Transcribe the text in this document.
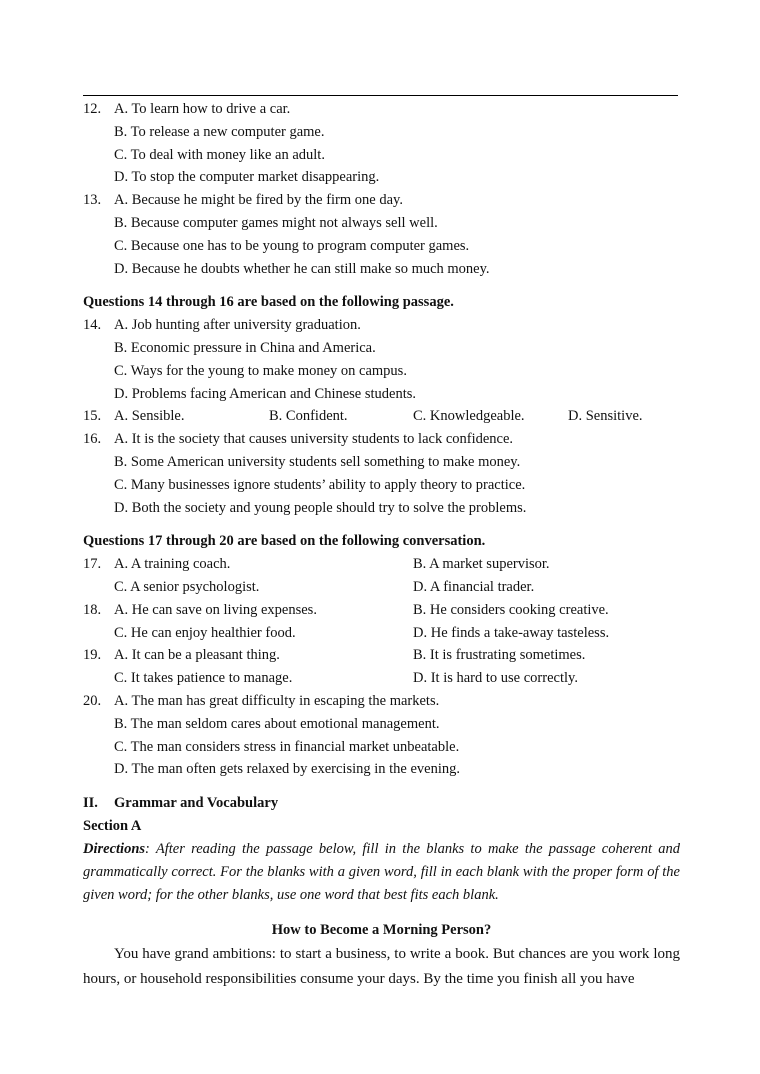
12. A. To learn how to drive a car.
B. To release a new computer game.
C. To deal with money like an adult.
D. To stop the computer market disappearing.
13. A. Because he might be fired by the firm one day.
B. Because computer games might not always sell well.
C. Because one has to be young to program computer games.
D. Because he doubts whether he can still make so much money.
Questions 14 through 16 are based on the following passage.
14. A. Job hunting after university graduation.
B. Economic pressure in China and America.
C. Ways for the young to make money on campus.
D. Problems facing American and Chinese students.
15. A. Sensible.	B. Confident.	C. Knowledgeable.	D. Sensitive.
16. A. It is the society that causes university students to lack confidence.
B. Some American university students sell something to make money.
C. Many businesses ignore students’ ability to apply theory to practice.
D. Both the society and young people should try to solve the problems.
Questions 17 through 20 are based on the following conversation.
17. A. A training coach.	B. A market supervisor.
C. A senior psychologist.	D. A financial trader.
18. A. He can save on living expenses.	B. He considers cooking creative.
C. He can enjoy healthier food.	D. He finds a take-away tasteless.
19. A. It can be a pleasant thing.	B. It is frustrating sometimes.
C. It takes patience to manage.	D. It is hard to use correctly.
20. A. The man has great difficulty in escaping the markets.
B. The man seldom cares about emotional management.
C. The man considers stress in financial market unbeatable.
D. The man often gets relaxed by exercising in the evening.
II. Grammar and Vocabulary
Section A
Directions: After reading the passage below, fill in the blanks to make the passage coherent and grammatically correct. For the blanks with a given word, fill in each blank with the proper form of the given word; for the other blanks, use one word that best fits each blank.
How to Become a Morning Person?
You have grand ambitions: to start a business, to write a book. But chances are you work long hours, or household responsibilities consume your days. By the time you finish all you have
